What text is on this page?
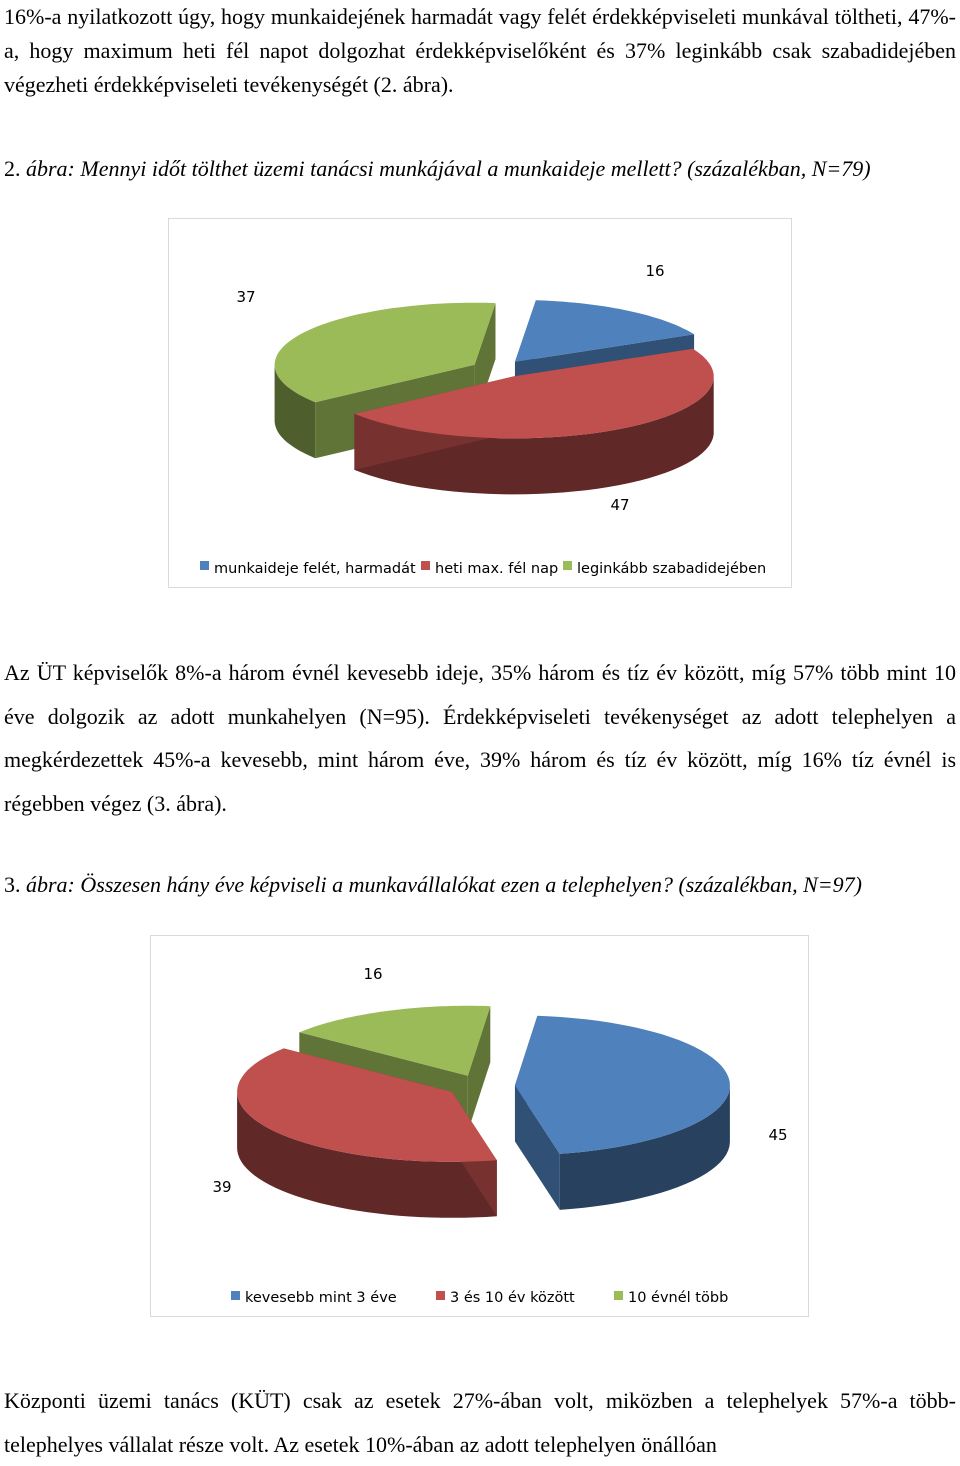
16%-a nyilatkozott úgy, hogy munkaidejének harmadát vagy felét érdekképviseleti munkával töltheti, 47%-a, hogy maximum heti fél napot dolgozhat érdekképviselőként és 37% leginkább csak szabadidejében végezheti érdekképviseleti tevékenységét (2. ábra).

2. ábra: Mennyi időt tölthet üzemi tanácsi munkájával a munkaideje mellett? (százalékban, N=79)

16
47
37
munkaideje felét, harmadát heti max. fél nap leginkább szabadidejében

Az ÜT képviselők 8%-a három évnél kevesebb ideje, 35% három és tíz év között, míg 57% több mint 10 éve dolgozik az adott munkahelyen (N=95). Érdekképviseleti tevékenységet az adott telephelyen a megkérdezettek 45%-a kevesebb, mint három éve, 39% három és tíz év között, míg 16% tíz évnél is régebben végez (3. ábra).

3. ábra: Összesen hány éve képviseli a munkavállalókat ezen a telephelyen? (százalékban, N=97)

45
39
16
kevesebb mint 3 éve	3 és 10 év között	10 évnél több

Központi üzemi tanács (KÜT) csak az esetek 27%-ában volt, miközben a telephelyek 57%-a több-telephelyes vállalat része volt. Az esetek 10%-ában az adott telephelyen önállóan
